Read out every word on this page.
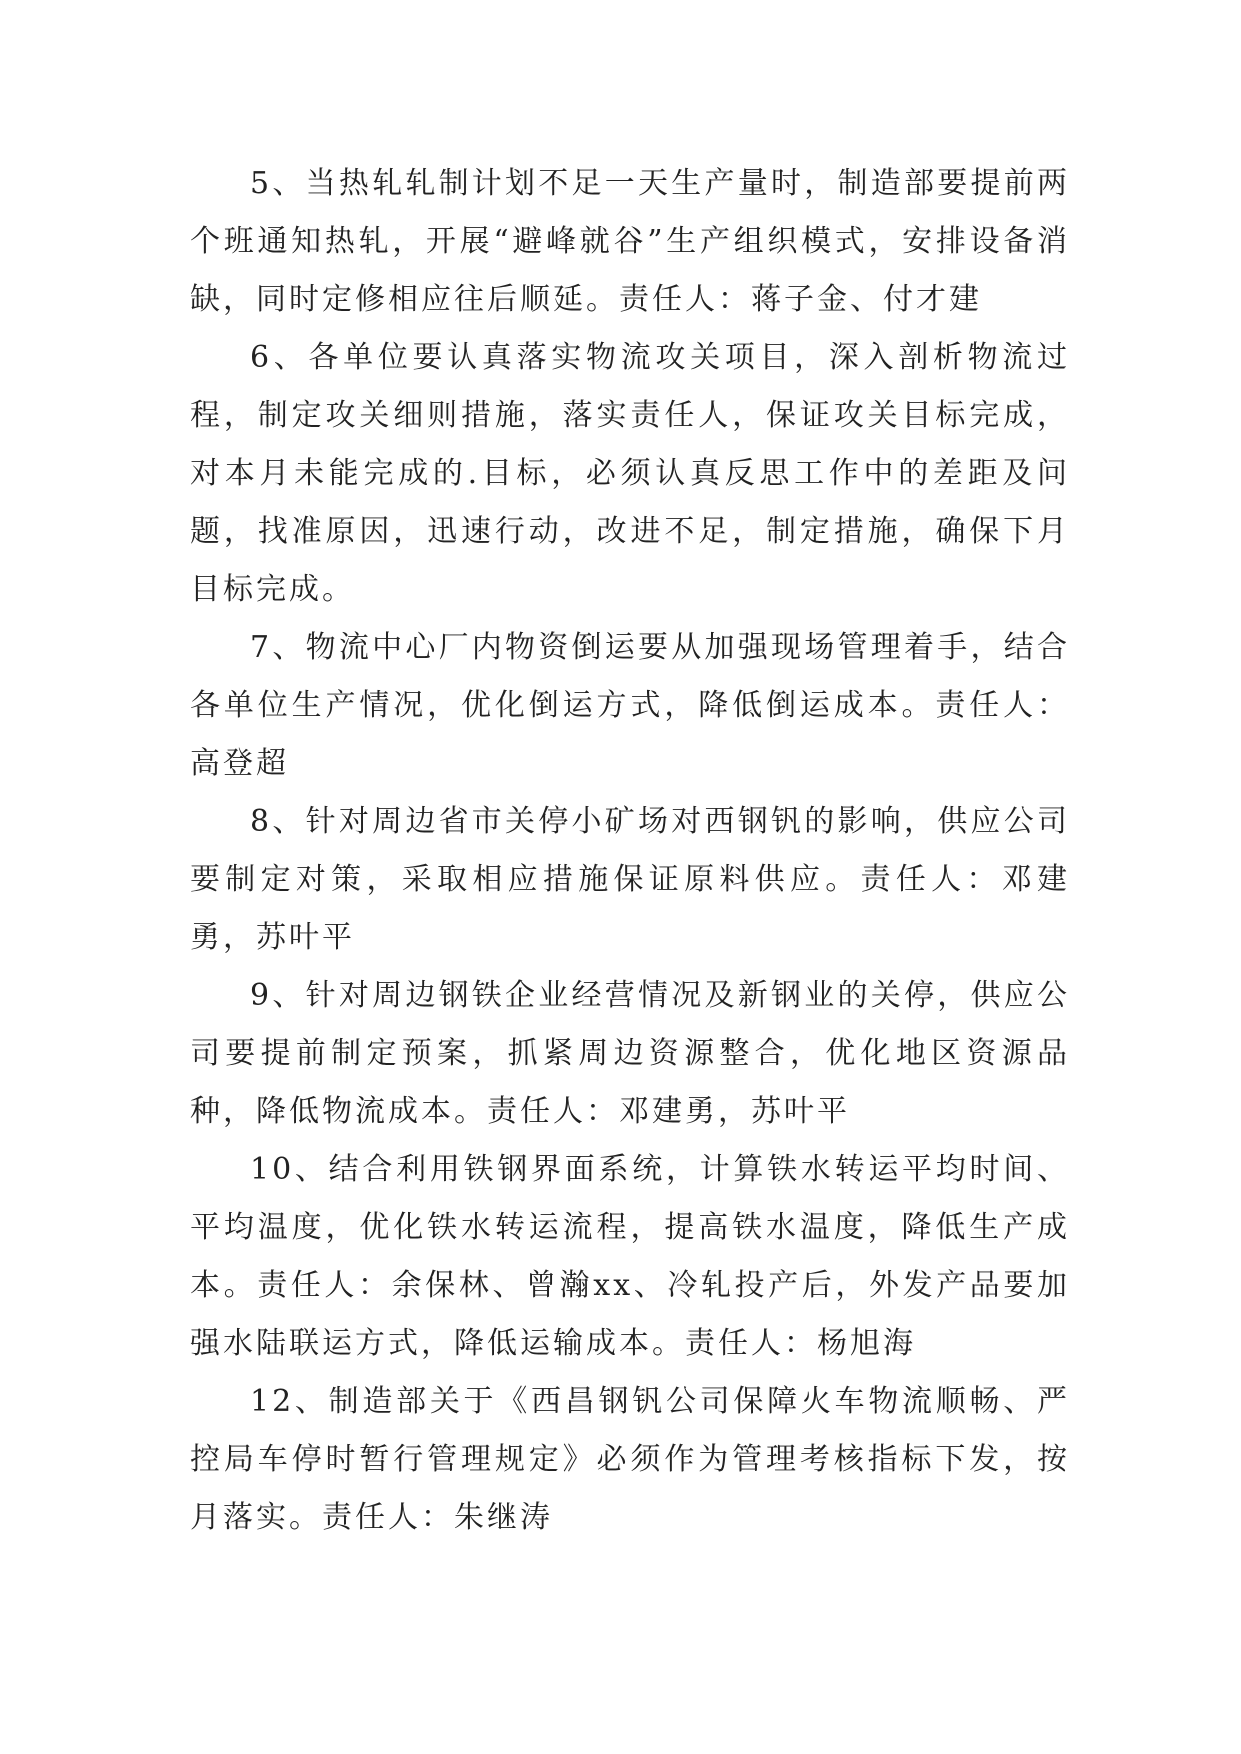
5、当热轧轧制计划不足一天生产量时，制造部要提前两个班通知热轧，开展“避峰就谷”生产组织模式，安排设备消缺，同时定修相应往后顺延。责任人：蒋子金、付才建

6、各单位要认真落实物流攻关项目，深入剖析物流过程，制定攻关细则措施，落实责任人，保证攻关目标完成，对本月未能完成的.目标，必须认真反思工作中的差距及问题，找准原因，迅速行动，改进不足，制定措施，确保下月目标完成。

7、物流中心厂内物资倒运要从加强现场管理着手，结合各单位生产情况，优化倒运方式，降低倒运成本。责任人：高登超

8、针对周边省市关停小矿场对西钢钒的影响，供应公司要制定对策，采取相应措施保证原料供应。责任人：邓建勇，苏叶平

9、针对周边钢铁企业经营情况及新钢业的关停，供应公司要提前制定预案，抓紧周边资源整合，优化地区资源品种，降低物流成本。责任人：邓建勇，苏叶平

10、结合利用铁钢界面系统，计算铁水转运平均时间、平均温度，优化铁水转运流程，提高铁水温度，降低生产成本。责任人：余保林、曾瀚xx、冷轧投产后，外发产品要加强水陆联运方式，降低运输成本。责任人：杨旭海

12、制造部关于《西昌钢钒公司保障火车物流顺畅、严控局车停时暂行管理规定》必须作为管理考核指标下发，按月落实。责任人：朱继涛
